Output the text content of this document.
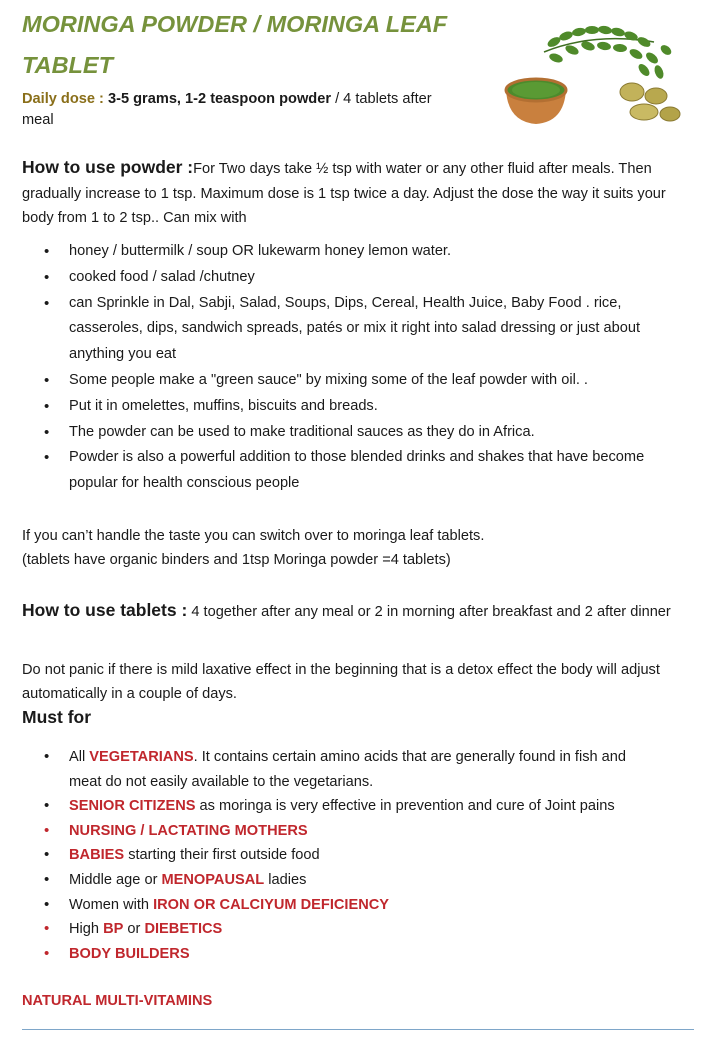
MORINGA POWDER / MORINGA LEAF TABLET
Daily dose : 3-5 grams, 1-2 teaspoon powder / 4 tablets after meal
How to use powder :For Two days take ½ tsp with water or any other fluid after meals. Then gradually increase to 1 tsp. Maximum dose is 1 tsp twice a day. Adjust the dose the way it suits your body from 1 to 2 tsp.. Can mix with
• honey / buttermilk / soup OR lukewarm honey lemon water.
• cooked food / salad /chutney
• can Sprinkle in Dal, Sabji, Salad, Soups, Dips, Cereal, Health Juice, Baby Food . rice, casseroles, dips, sandwich spreads, patés or mix it right into salad dressing or just about anything you eat
• Some people make a "green sauce" by mixing some of the leaf powder with oil. .
• Put it in omelettes, muffins, biscuits and breads.
• The powder can be used to make traditional sauces as they do in Africa.
• Powder is also a powerful addition to those blended drinks and shakes that have become popular for health conscious people
If you can’t handle the taste you can switch over to moringa leaf tablets.
(tablets have organic binders and 1tsp Moringa powder =4 tablets)
How to use tablets : 4 together after any meal or 2 in morning after breakfast and 2 after dinner
Do not panic if there is mild laxative effect in the beginning that is a detox effect the body will adjust automatically in a couple of days.
Must for
• All VEGETARIANS. It contains certain amino acids that are generally found in fish and meat do not easily available to the vegetarians.
• SENIOR CITIZENS as moringa is very effective in prevention and cure of Joint pains
• NURSING / LACTATING MOTHERS
• BABIES starting their first outside food
• Middle age or MENOPAUSAL ladies
• Women with IRON OR CALCIYUM DEFICIENCY
• High BP or DIEBETICS
• BODY BUILDERS
NATURAL MULTI-VITAMINS
